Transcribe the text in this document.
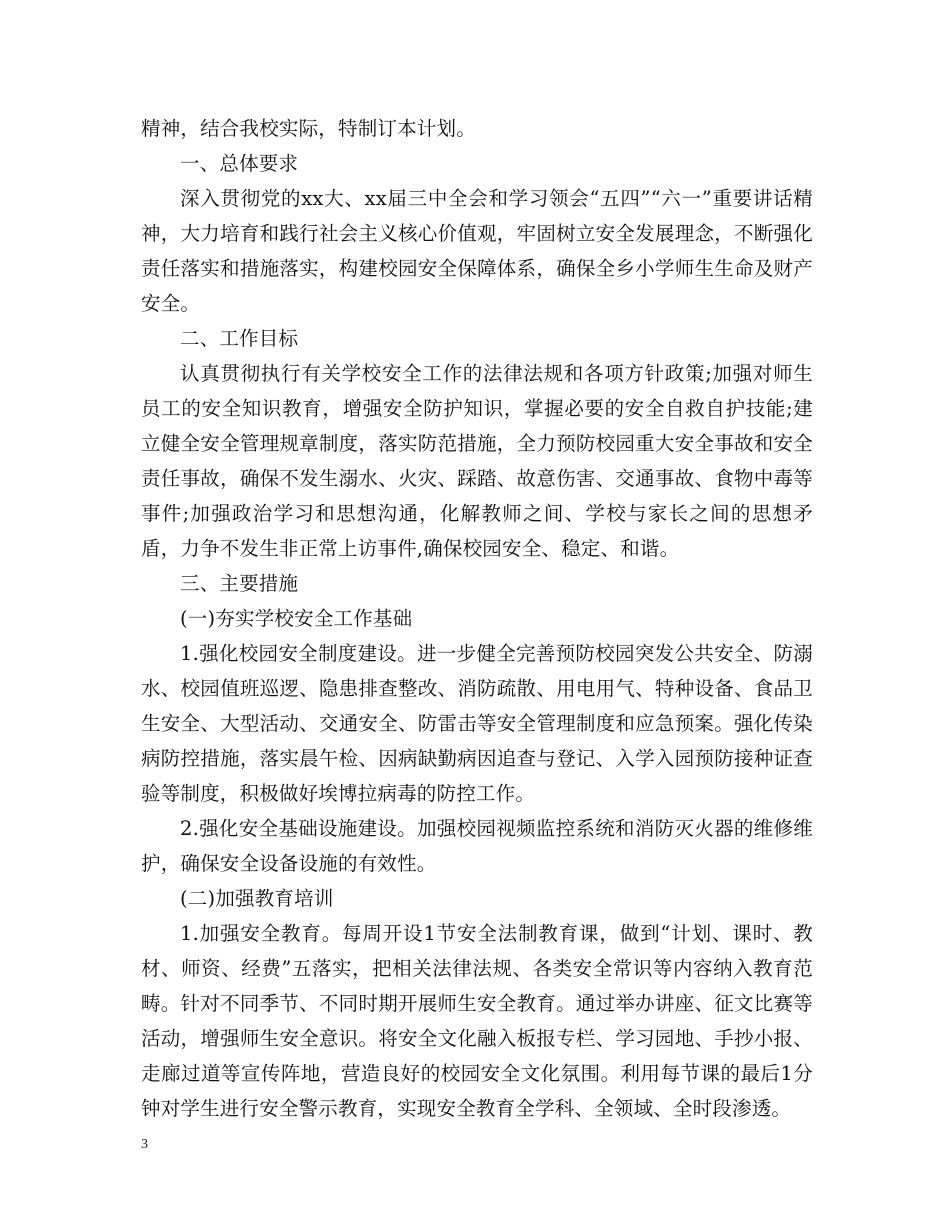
精神，结合我校实际，特制订本计划。

一、总体要求

深入贯彻党的xx大、xx届三中全会和学习领会“五四”“六一”重要讲话精神，大力培育和践行社会主义核心价值观，牢固树立安全发展理念，不断强化责任落实和措施落实，构建校园安全保障体系，确保全乡小学师生生命及财产安全。

二、工作目标

认真贯彻执行有关学校安全工作的法律法规和各项方针政策;加强对师生员工的安全知识教育，增强安全防护知识，掌握必要的安全自救自护技能;建立健全安全管理规章制度，落实防范措施，全力预防校园重大安全事故和安全责任事故，确保不发生溺水、火灾、踩踏、故意伤害、交通事故、食物中毒等事件;加强政治学习和思想沟通，化解教师之间、学校与家长之间的思想矛盾，力争不发生非正常上访事件,确保校园安全、稳定、和谐。

三、主要措施

(一)夯实学校安全工作基础

1.强化校园安全制度建设。进一步健全完善预防校园突发公共安全、防溺水、校园值班巡逻、隐患排查整改、消防疏散、用电用气、特种设备、食品卫生安全、大型活动、交通安全、防雷击等安全管理制度和应急预案。强化传染病防控措施，落实晨午检、因病缺勤病因追查与登记、入学入园预防接种证查验等制度，积极做好埃博拉病毒的防控工作。

2.强化安全基础设施建设。加强校园视频监控系统和消防灭火器的维修维护，确保安全设备设施的有效性。

(二)加强教育培训

1.加强安全教育。每周开设1节安全法制教育课，做到“计划、课时、教材、师资、经费”五落实，把相关法律法规、各类安全常识等内容纳入教育范畴。针对不同季节、不同时期开展师生安全教育。通过举办讲座、征文比赛等活动，增强师生安全意识。将安全文化融入板报专栏、学习园地、手抄小报、走廊过道等宣传阵地，营造良好的校园安全文化氛围。利用每节课的最后1分钟对学生进行安全警示教育，实现安全教育全学科、全领域、全时段渗透。

3
